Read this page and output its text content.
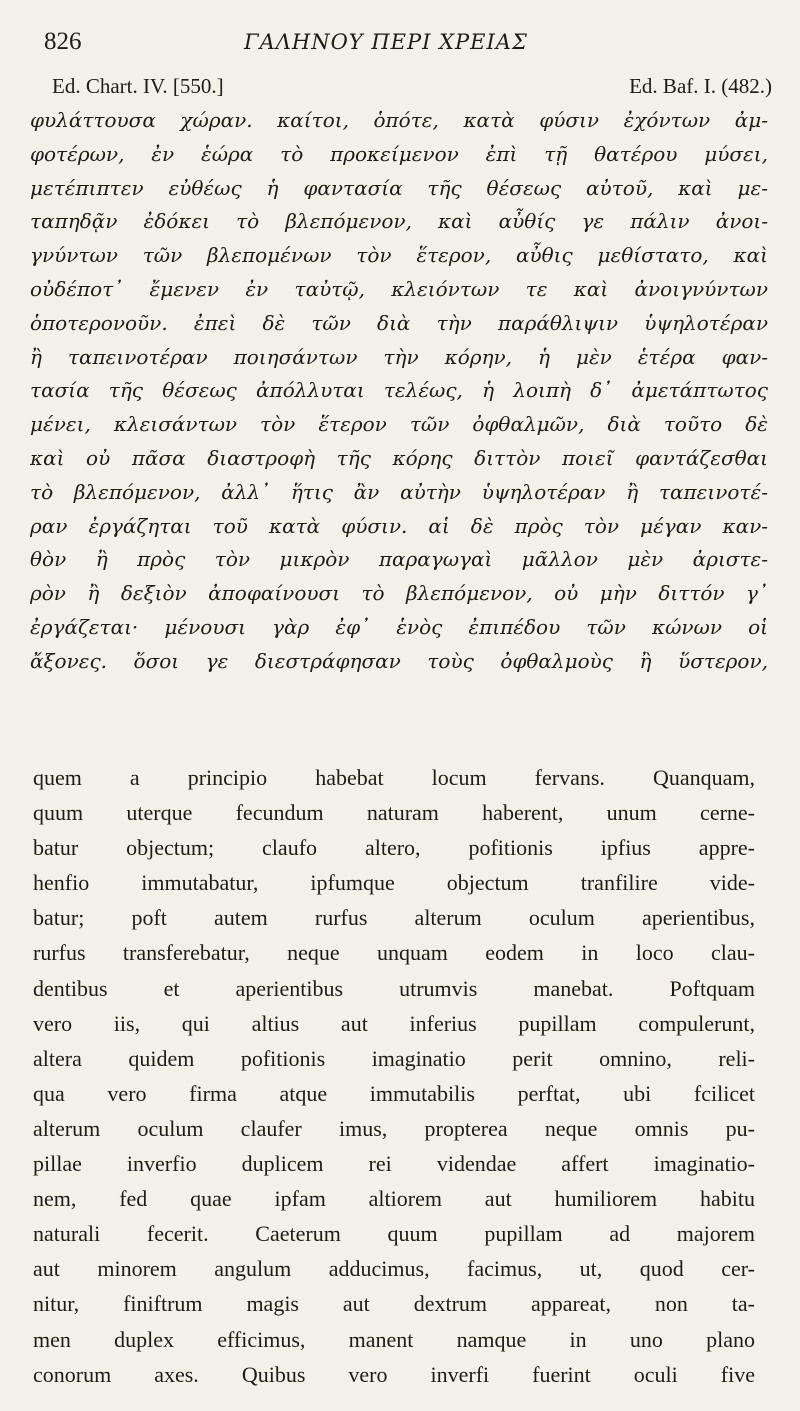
826	ΓΑΛΗΝΟΥ ΠΕΡΙ ΧΡΕΙΑΣ
Ed. Chart. IV. [550.]	Ed. Baf. I. (482.)
φυλάττουσα χώραν. καίτοι, ὁπότε, κατὰ φύσιν ἐχόντων ἀμ-
φοτέρων, ἐν ἑώρα τὸ προκείμενον ἐπὶ τῇ θατέρου μύσει,
μετέπιπτεν εὐθέως ἡ φαντασία τῆς θέσεως αὐτοῦ, καὶ με-
ταπηδᾷν ἐδόκει τὸ βλεπόμενον, καὶ αὖθίς γε πάλιν ἀνοι-
γνύντων τῶν βλεπομένων τὸν ἕτερον, αὖθις μεθίστατο, καὶ
οὐδέποτ᾽ ἔμενεν ἐν ταὐτῷ, κλειόντων τε καὶ ἀνοιγνύντων
ὁποτερονοῦν. ἐπεὶ δὲ τῶν διὰ τὴν παράθλιψιν ὑψηλοτέραν
ἢ ταπεινοτέραν ποιησάντων τὴν κόρην, ἡ μὲν ἑτέρα φαν-
τασία τῆς θέσεως ἀπόλλυται τελέως, ἡ λοιπὴ δ᾽ ἀμετάπτωτος
μένει, κλεισάντων τὸν ἕτερον τῶν ὀφθαλμῶν, διὰ τοῦτο δὲ
καὶ οὐ πᾶσα διαστροφὴ τῆς κόρης διττὸν ποιεῖ φαντάζεσθαι
τὸ βλεπόμενον, ἀλλ᾽ ἥτις ἂν αὐτὴν ὑψηλοτέραν ἢ ταπεινοτέ-
ραν ἐργάζηται τοῦ κατὰ φύσιν. αἱ δὲ πρὸς τὸν μέγαν καν-
θὸν ἢ πρὸς τὸν μικρὸν παραγωγαὶ μᾶλλον μὲν ἀριστε-
ρὸν ἢ δεξιὸν ἀποφαίνουσι τὸ βλεπόμενον, οὐ μὴν διττόν γ᾽
ἐργάζεται· μένουσι γὰρ ἐφ᾽ ἑνὸς ἐπιπέδου τῶν κώνων οἱ
ἄξονες. ὅσοι γε διεστράφησαν τοὺς ὀφθαλμοὺς ἢ ὕστερον,
quem a principio habebat locum fervans. Quanquam,
quum uterque fecundum naturam haberent, unum cerne-
batur objectum; claufo altero, pofitionis ipfius appre-
henfio immutabatur, ipfumque objectum tranfilire vide-
batur; poft autem rurfus alterum oculum aperientibus,
rurfus transferebatur, neque unquam eodem in loco clau-
dentibus et aperientibus utrumvis manebat. Poftquam
vero iis, qui altius aut inferius pupillam compulerunt,
altera quidem pofitionis imaginatio perit omnino, reli-
qua vero firma atque immutabilis perftat, ubi fcilicet
alterum oculum claufer imus, propterea neque omnis pu-
pillae inverfio duplicem rei videndae affert imaginatio-
nem, fed quae ipfam altiorem aut humiliorem habitu
naturali fecerit. Caeterum quum pupillam ad majorem
aut minorem angulum adducimus, facimus, ut, quod cer-
nitur, finiftrum magis aut dextrum appareat, non ta-
men duplex efficimus, manent namque in uno plano
conorum axes. Quibus vero inverfi fuerint oculi five
